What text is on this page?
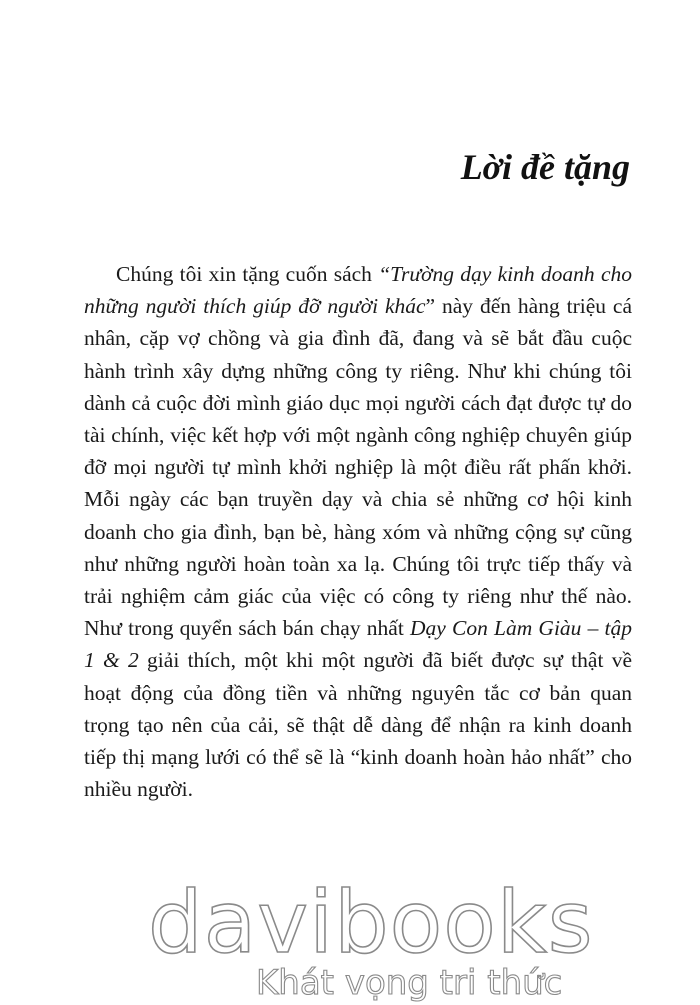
Lời đề tặng

Chúng tôi xin tặng cuốn sách “Trường dạy kinh doanh cho những người thích giúp đỡ người khác” này đến hàng triệu cá nhân, cặp vợ chồng và gia đình đã, đang và sẽ bắt đầu cuộc hành trình xây dựng những công ty riêng. Như khi chúng tôi dành cả cuộc đời mình giáo dục mọi người cách đạt được tự do tài chính, việc kết hợp với một ngành công nghiệp chuyên giúp đỡ mọi người tự mình khởi nghiệp là một điều rất phấn khởi. Mỗi ngày các bạn truyền dạy và chia sẻ những cơ hội kinh doanh cho gia đình, bạn bè, hàng xóm và những cộng sự cũng như những người hoàn toàn xa lạ. Chúng tôi trực tiếp thấy và trải nghiệm cảm giác của việc có công ty riêng như thế nào. Như trong quyển sách bán chạy nhất Dạy Con Làm Giàu – tập 1 & 2 giải thích, một khi một người đã biết được sự thật về hoạt động của đồng tiền và những nguyên tắc cơ bản quan trọng tạo nên của cải, sẽ thật dễ dàng để nhận ra kinh doanh tiếp thị mạng lưới có thể sẽ là “kinh doanh hoàn hảo nhất” cho nhiều người.

davibooks
Khát vọng tri thức
